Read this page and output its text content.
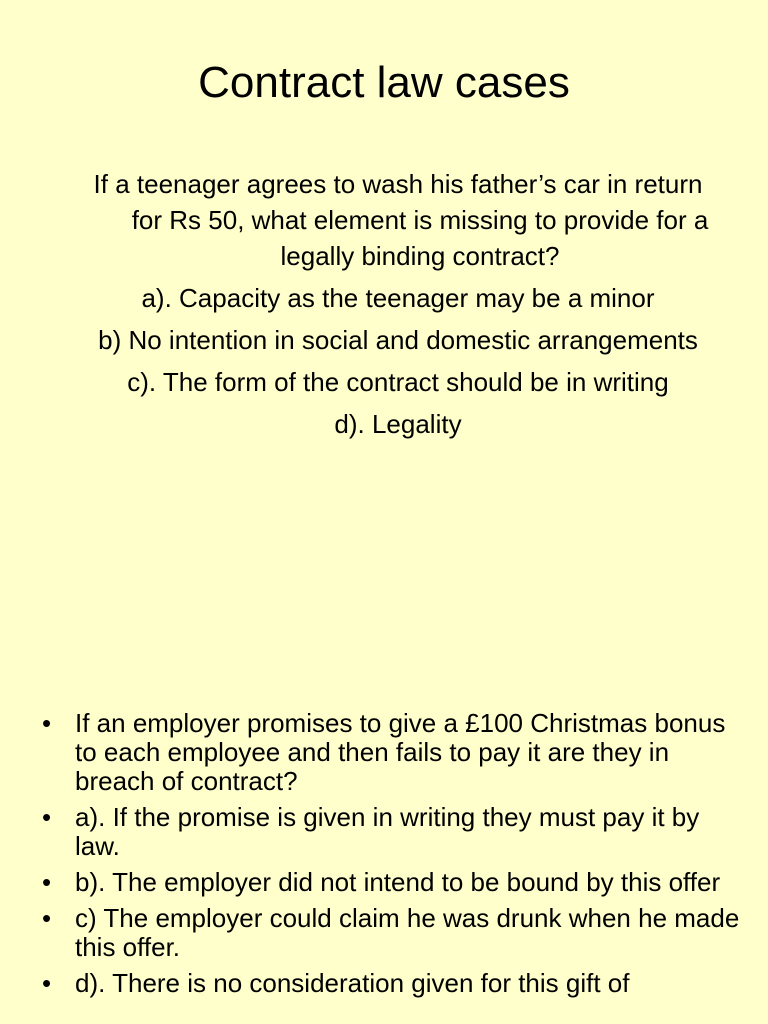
Contract law cases

If a teenager agrees to wash his father’s car in return for Rs 50, what element is missing to provide for a legally binding contract?

a). Capacity as the teenager may be a minor

b) No intention in social and domestic arrangements

c). The form of the contract should be in writing

d). Legality

• If an employer promises to give a £100 Christmas bonus to each employee and then fails to pay it are they in breach of contract?
• a). If the promise is given in writing they must pay it by law.
• b). The employer did not intend to be bound by this offer
• c) The employer could claim he was drunk when he made this offer.
• d). There is no consideration given for this gift of
